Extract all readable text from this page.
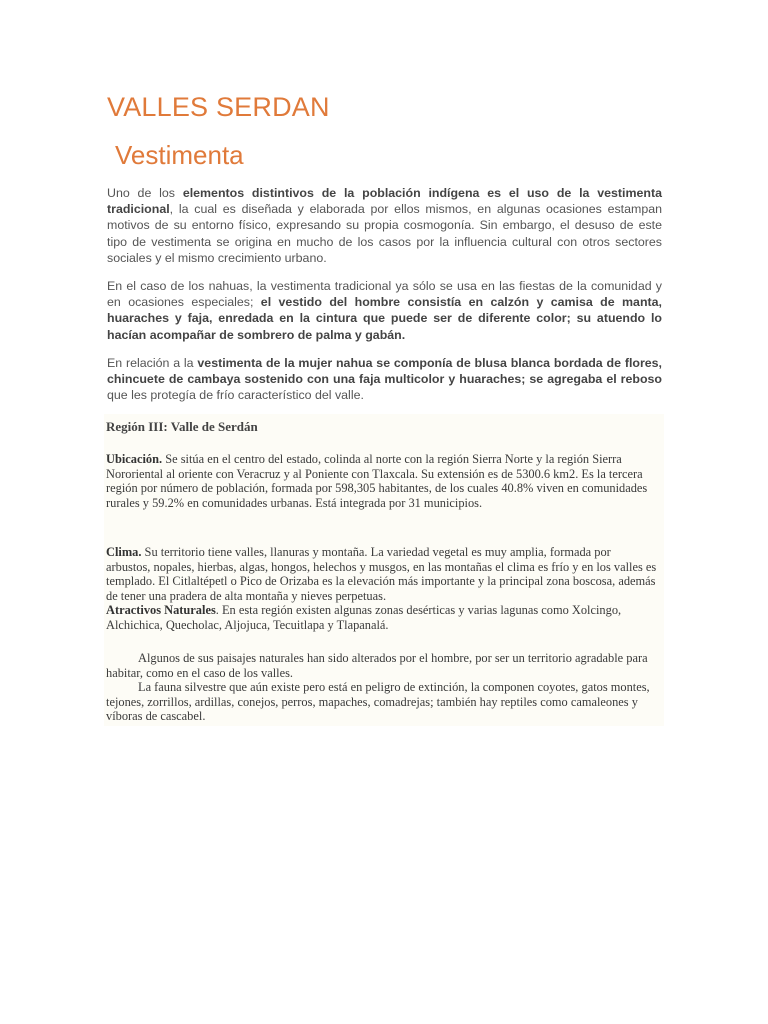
VALLES SERDAN
Vestimenta

Uno de los elementos distintivos de la población indígena es el uso de la vestimenta tradicional, la cual es diseñada y elaborada por ellos mismos, en algunas ocasiones estampan motivos de su entorno físico, expresando su propia cosmogonía. Sin embargo, el desuso de este tipo de vestimenta se origina en mucho de los casos por la influencia cultural con otros sectores sociales y el mismo crecimiento urbano.

En el caso de los nahuas, la vestimenta tradicional ya sólo se usa en las fiestas de la comunidad y en ocasiones especiales; el vestido del hombre consistía en calzón y camisa de manta, huaraches y faja, enredada en la cintura que puede ser de diferente color; su atuendo lo hacían acompañar de sombrero de palma y gabán.

En relación a la vestimenta de la mujer nahua se componía de blusa blanca bordada de flores, chincuete de cambaya sostenido con una faja multicolor y huaraches; se agregaba el reboso que les protegía de frío característico del valle.

Región III: Valle de Serdán

Ubicación. Se sitúa en el centro del estado, colinda al norte con la región Sierra Norte y la región Sierra Nororiental al oriente con Veracruz y al Poniente con Tlaxcala. Su extensión es de 5300.6 km2. Es la tercera región por número de población, formada por 598,305 habitantes, de los cuales 40.8% viven en comunidades rurales y 59.2% en comunidades urbanas. Está integrada por 31 municipios.

Clima. Su territorio tiene valles, llanuras y montaña. La variedad vegetal es muy amplia, formada por arbustos, nopales, hierbas, algas, hongos, helechos y musgos, en las montañas el clima es frío y en los valles es templado. El Citlaltépetl o Pico de Orizaba es la elevación más importante y la principal zona boscosa, además de tener una pradera de alta montaña y nieves perpetuas.

Atractivos Naturales. En esta región existen algunas zonas desérticas y varias lagunas como Xolcingo, Alchichica, Quecholac, Aljojuca, Tecuitlapa y Tlapanalá.

Algunos de sus paisajes naturales han sido alterados por el hombre, por ser un territorio agradable para habitar, como en el caso de los valles.

La fauna silvestre que aún existe pero está en peligro de extinción, la componen coyotes, gatos montes, tejones, zorrillos, ardillas, conejos, perros, mapaches, comadrejas; también hay reptiles como camaleones y víboras de cascabel.
